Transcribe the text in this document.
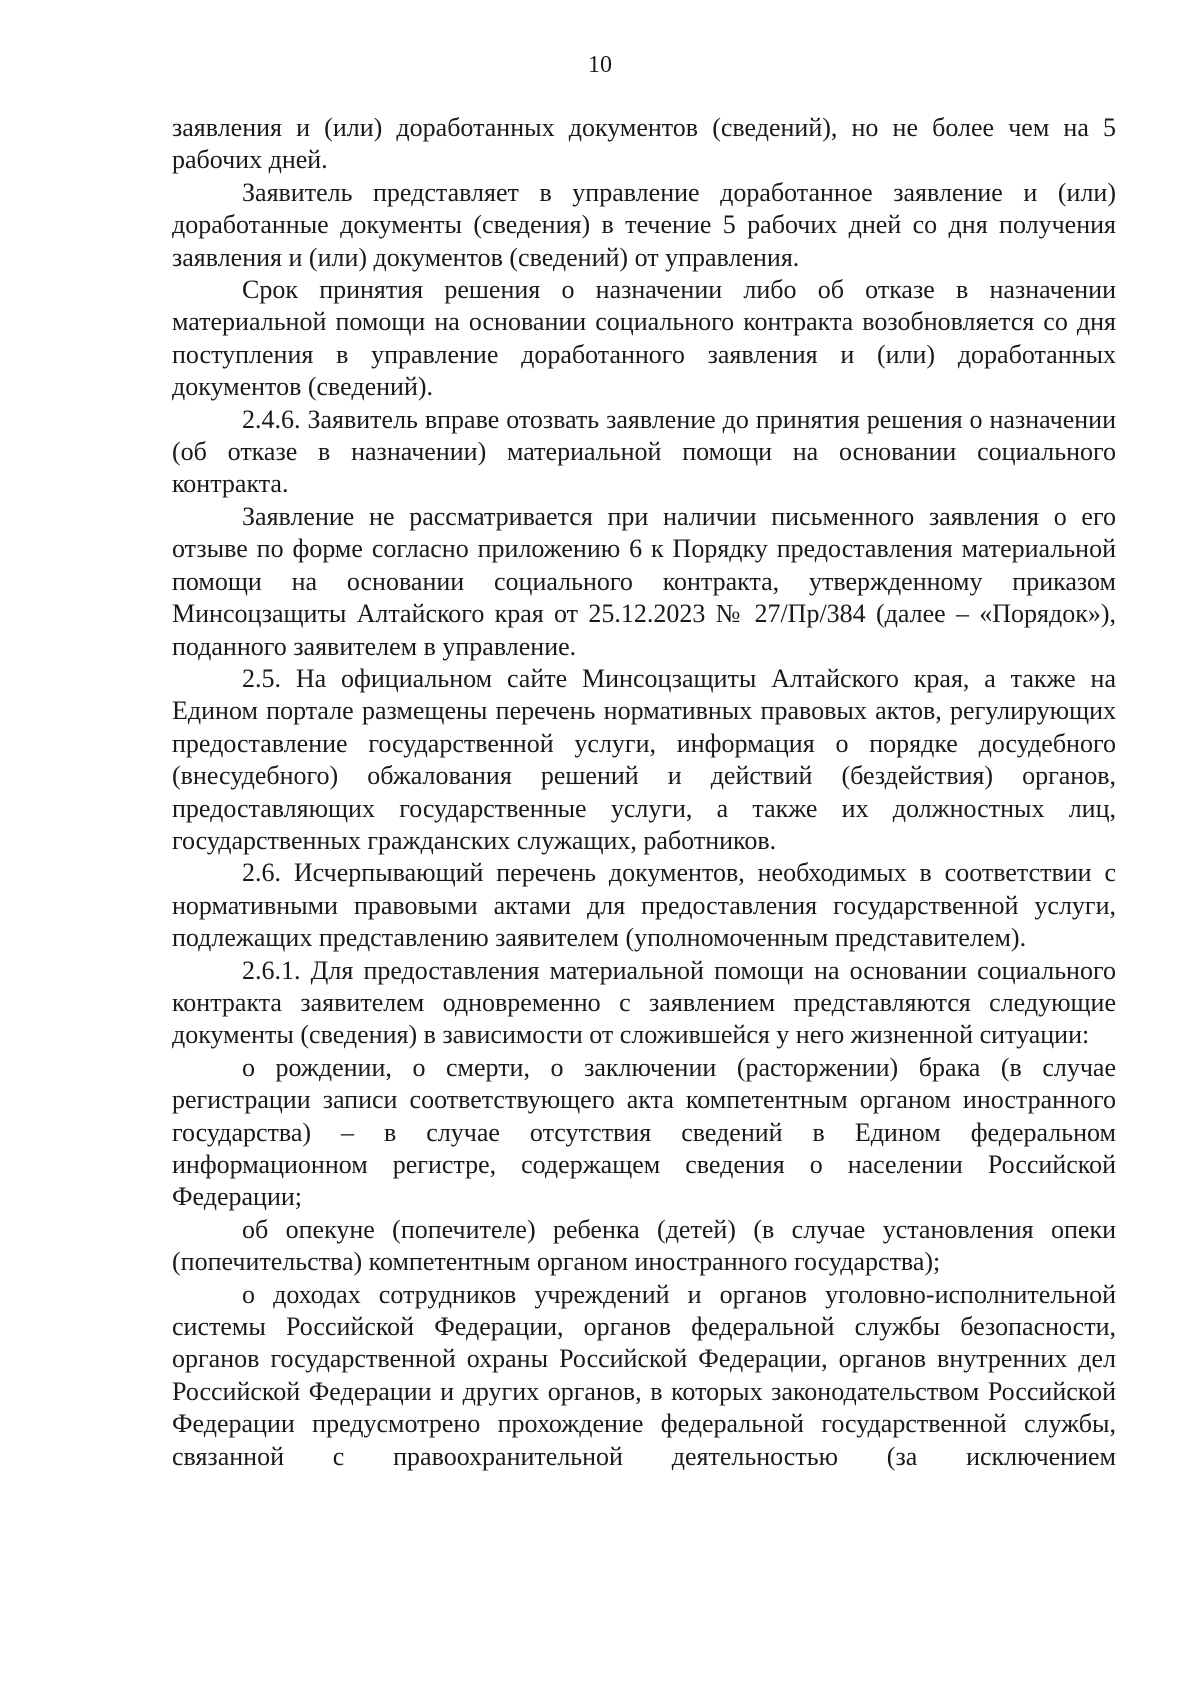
10

заявления и (или) доработанных документов (сведений), но не более чем на 5 рабочих дней.

Заявитель представляет в управление доработанное заявление и (или) доработанные документы (сведения) в течение 5 рабочих дней со дня получения заявления и (или) документов (сведений) от управления.

Срок принятия решения о назначении либо об отказе в назначении материальной помощи на основании социального контракта возобновляется со дня поступления в управление доработанного заявления и (или) доработанных документов (сведений).

2.4.6. Заявитель вправе отозвать заявление до принятия решения о назначении (об отказе в назначении) материальной помощи на основании социального контракта.

Заявление не рассматривается при наличии письменного заявления о его отзыве по форме согласно приложению 6 к Порядку предоставления материальной помощи на основании социального контракта, утвержденному приказом Минсоцзащиты Алтайского края от 25.12.2023 № 27/Пр/384 (далее – «Порядок»), поданного заявителем в управление.

2.5. На официальном сайте Минсоцзащиты Алтайского края, а также на Едином портале размещены перечень нормативных правовых актов, регулирующих предоставление государственной услуги, информация о порядке досудебного (внесудебного) обжалования решений и действий (бездействия) органов, предоставляющих государственные услуги, а также их должностных лиц, государственных гражданских служащих, работников.

2.6. Исчерпывающий перечень документов, необходимых в соответствии с нормативными правовыми актами для предоставления государственной услуги, подлежащих представлению заявителем (уполномоченным представителем).

2.6.1. Для предоставления материальной помощи на основании социального контракта заявителем одновременно с заявлением представляются следующие документы (сведения) в зависимости от сложившейся у него жизненной ситуации:

о рождении, о смерти, о заключении (расторжении) брака (в случае регистрации записи соответствующего акта компетентным органом иностранного государства) – в случае отсутствия сведений в Едином федеральном информационном регистре, содержащем сведения о населении Российской Федерации;

об опекуне (попечителе) ребенка (детей) (в случае установления опеки (попечительства) компетентным органом иностранного государства);

о доходах сотрудников учреждений и органов уголовно-исполнительной системы Российской Федерации, органов федеральной службы безопасности, органов государственной охраны Российской Федерации, органов внутренних дел Российской Федерации и других органов, в которых законодательством Российской Федерации предусмотрено прохождение федеральной государственной службы, связанной с правоохранительной деятельностью (за исключением
